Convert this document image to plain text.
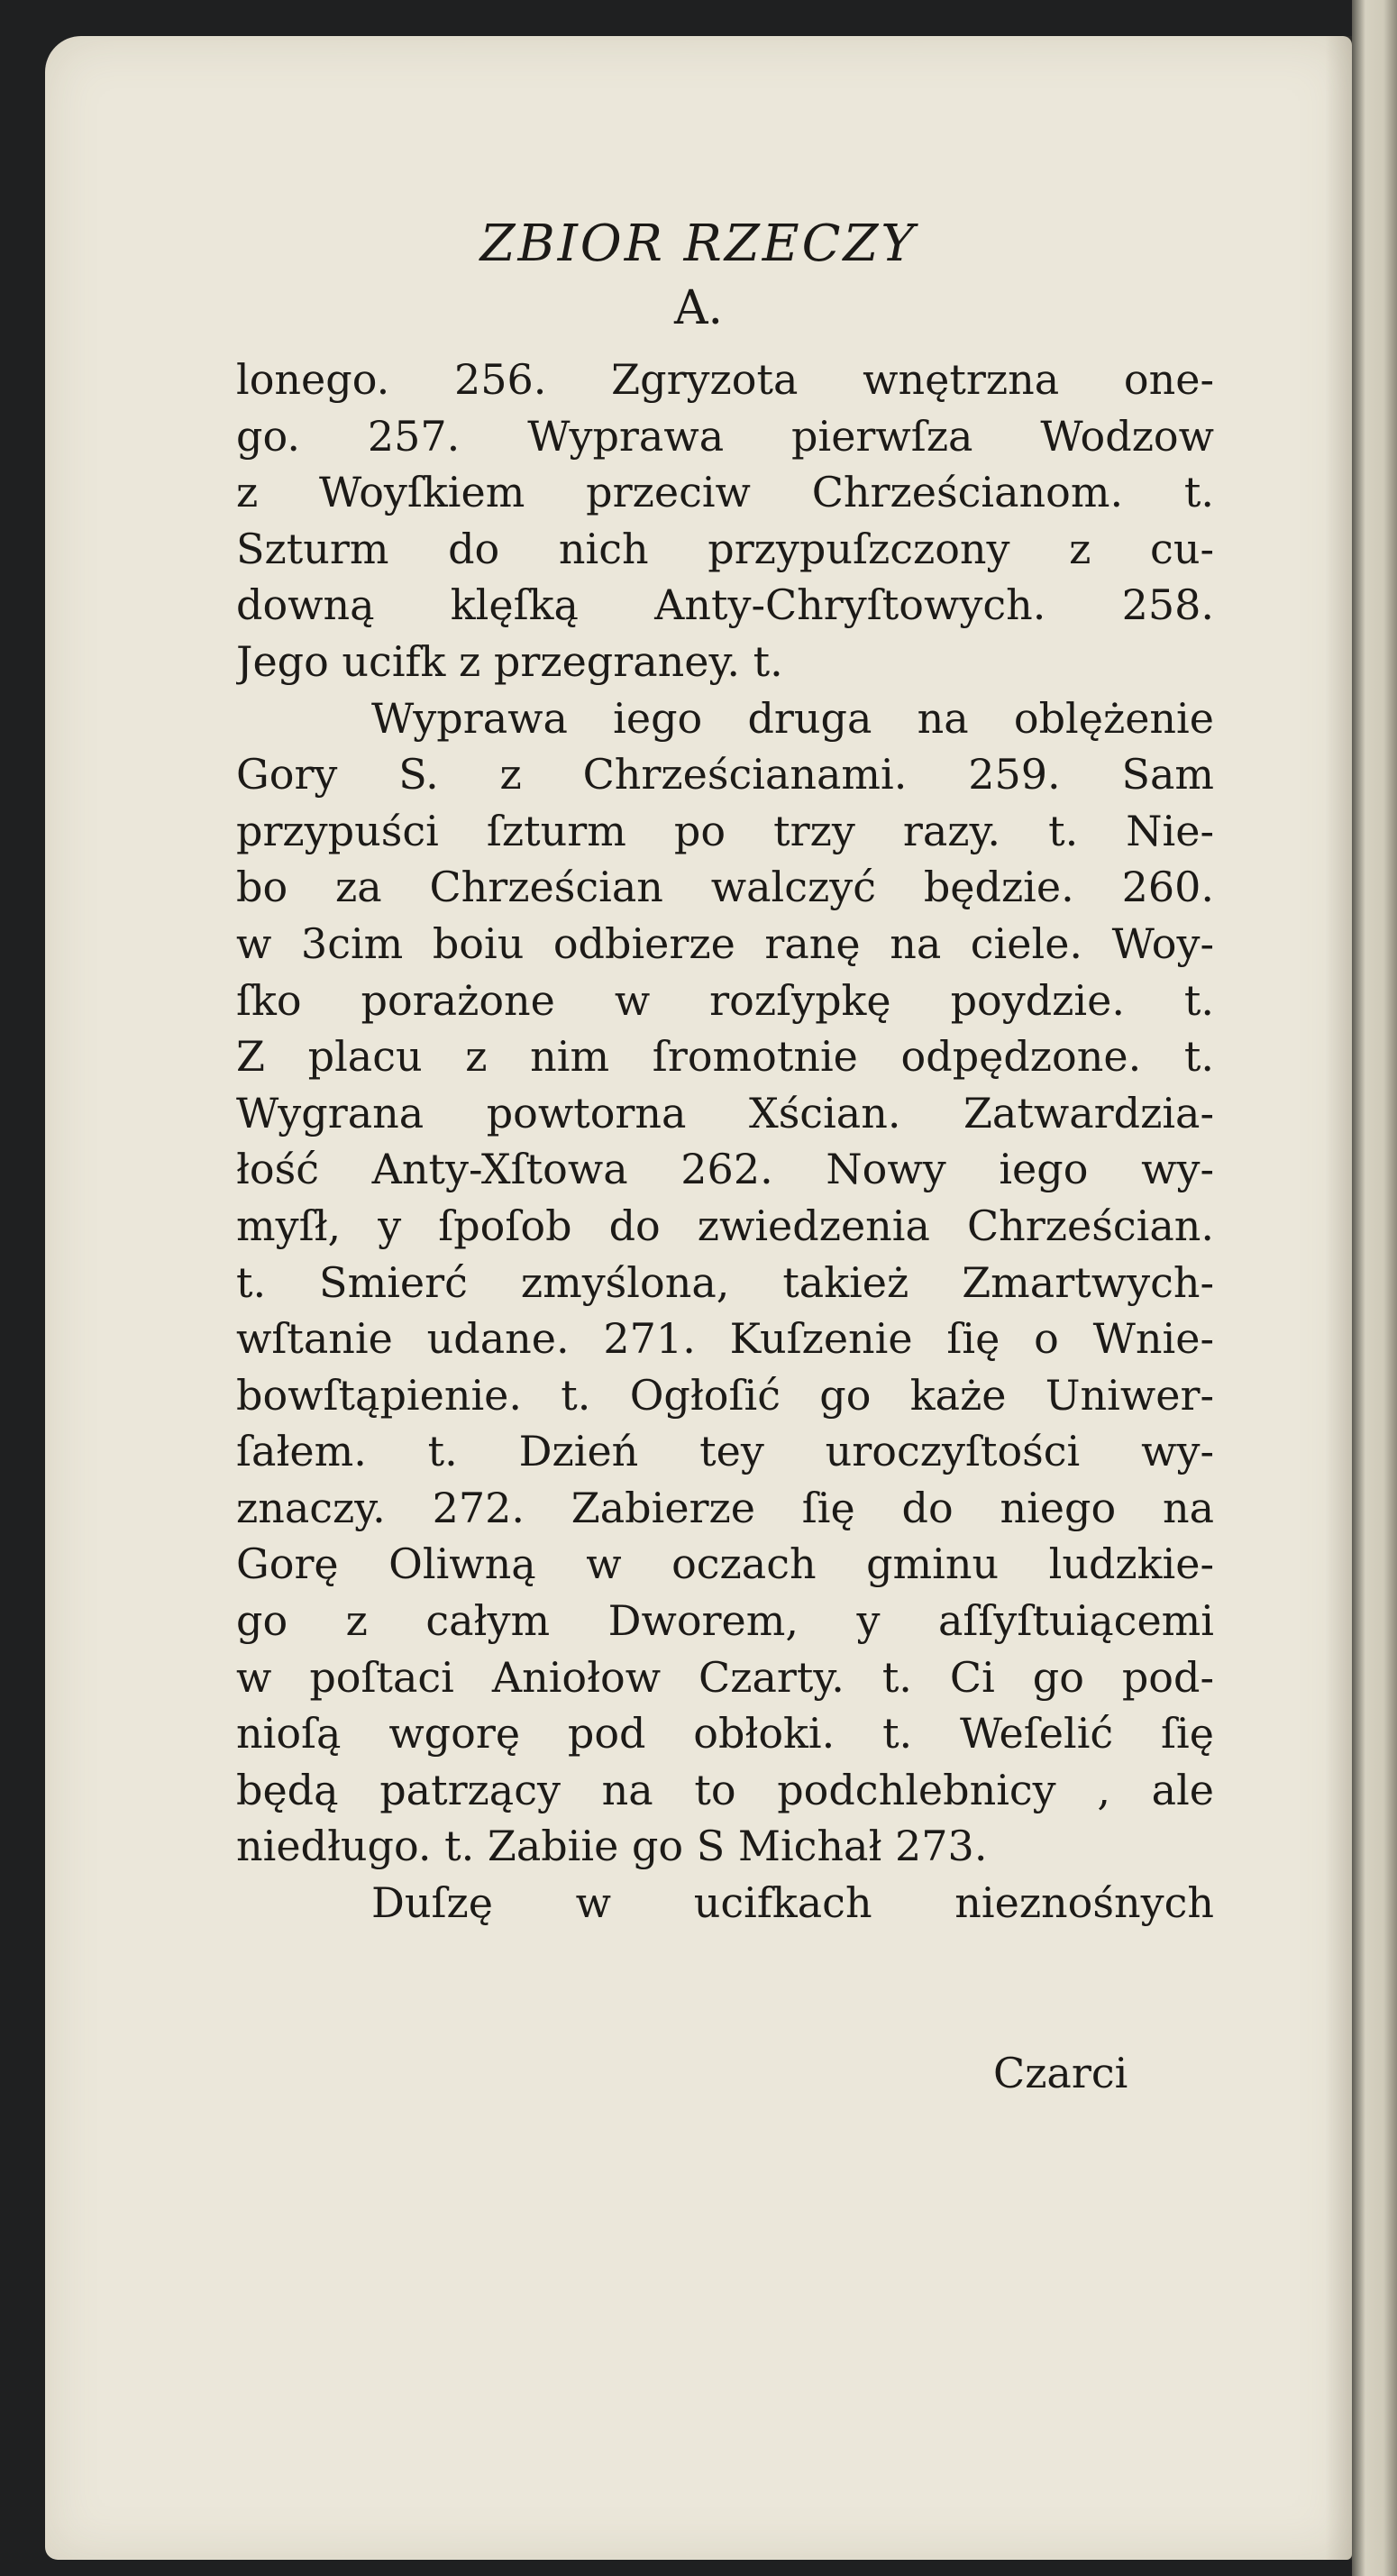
ZBIOR RZECZY
A.
lonego. 256. Zgryzota wnętrzna one-
go. 257. Wyprawa pierwſza Wodzow
z Woyſkiem przeciw Chrześcianom. t.
Szturm do nich przypuſzczony z cu-
downą klęſką Anty-Chryſtowych. 258.
Jego ucifk z przegraney. t.
Wyprawa iego druga na oblężenie
Gory S. z Chrześcianami. 259. Sam
przypuści ſzturm po trzy razy. t. Nie-
bo za Chrześcian walczyć będzie. 260.
w 3cim boiu odbierze ranę na ciele. Woy-
ſko porażone w rozſypkę poydzie. t.
Z placu z nim ſromotnie odpędzone. t.
Wygrana powtorna Xścian. Zatwardzia-
łość Anty-Xſtowa 262. Nowy iego wy-
myſł, y ſpoſob do zwiedzenia Chrześcian.
t. Smierć zmyślona, takież Zmartwych-
wſtanie udane. 271. Kuſzenie ſię o Wnie-
bowſtąpienie. t. Ogłoſić go każe Uniwer-
ſałem. t. Dzień tey uroczyſtości wy-
znaczy. 272. Zabierze ſię do niego na
Gorę Oliwną w oczach gminu ludzkie-
go z całym Dworem, y aſſyſtuiącemi
w poſtaci Aniołow Czarty. t. Ci go pod-
nioſą wgorę pod obłoki. t. Weſelić ſię
będą patrzący na to podchlebnicy , ale
niedługo. t. Zabiie go S Michał 273.
Duſzę w ucifkach nieznośnych
Czarci
